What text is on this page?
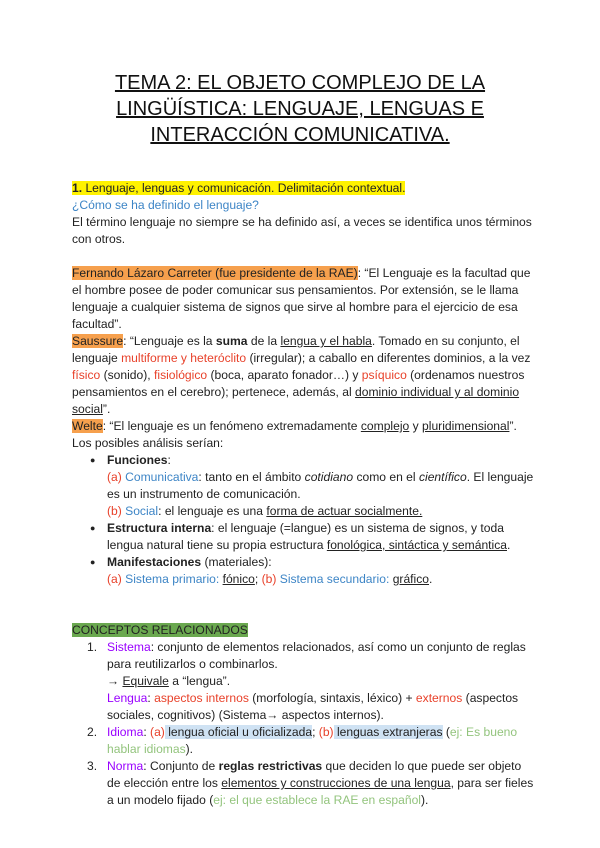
TEMA 2: EL OBJETO COMPLEJO DE LA LINGÜÍSTICA: LENGUAJE, LENGUAS E INTERACCIÓN COMUNICATIVA.

1. Lenguaje, lenguas y comunicación. Delimitación contextual.

¿Cómo se ha definido el lenguaje?

El término lenguaje no siempre se ha definido así, a veces se identifica unos términos con otros.

Fernando Lázaro Carreter (fue presidente de la RAE): “El Lenguaje es la facultad que el hombre posee de poder comunicar sus pensamientos. Por extensión, se le llama lenguaje a cualquier sistema de signos que sirve al hombre para el ejercicio de esa facultad”.

Saussure: “Lenguaje es la suma de la lengua y el habla. Tomado en su conjunto, el lenguaje multiforme y heteróclito (irregular); a caballo en diferentes dominios, a la vez físico (sonido), fisiológico (boca, aparato fonador…) y psíquico (ordenamos nuestros pensamientos en el cerebro); pertenece, además, al dominio individual y al dominio social”.

Welte: “El lenguaje es un fenómeno extremadamente complejo y pluridimensional”.

Los posibles análisis serían:

● Funciones:
(a) Comunicativa: tanto en el ámbito cotidiano como en el científico. El lenguaje es un instrumento de comunicación.
(b) Social: el lenguaje es una forma de actuar socialmente.
● Estructura interna: el lenguaje (=langue) es un sistema de signos, y toda lengua natural tiene su propia estructura fonológica, sintáctica y semántica.
● Manifestaciones (materiales):
(a) Sistema primario: fónico; (b) Sistema secundario: gráfico.

CONCEPTOS RELACIONADOS

1. Sistema: conjunto de elementos relacionados, así como un conjunto de reglas para reutilizarlos o combinarlos.
→ Equivale a “lengua”.
Lengua: aspectos internos (morfología, sintaxis, léxico) + externos (aspectos sociales, cognitivos) (Sistema→ aspectos internos).
2. Idioma: (a) lengua oficial u oficializada; (b) lenguas extranjeras (ej: Es bueno hablar idiomas).
3. Norma: Conjunto de reglas restrictivas que deciden lo que puede ser objeto de elección entre los elementos y construcciones de una lengua, para ser fieles a un modelo fijado (ej: el que establece la RAE en español).
